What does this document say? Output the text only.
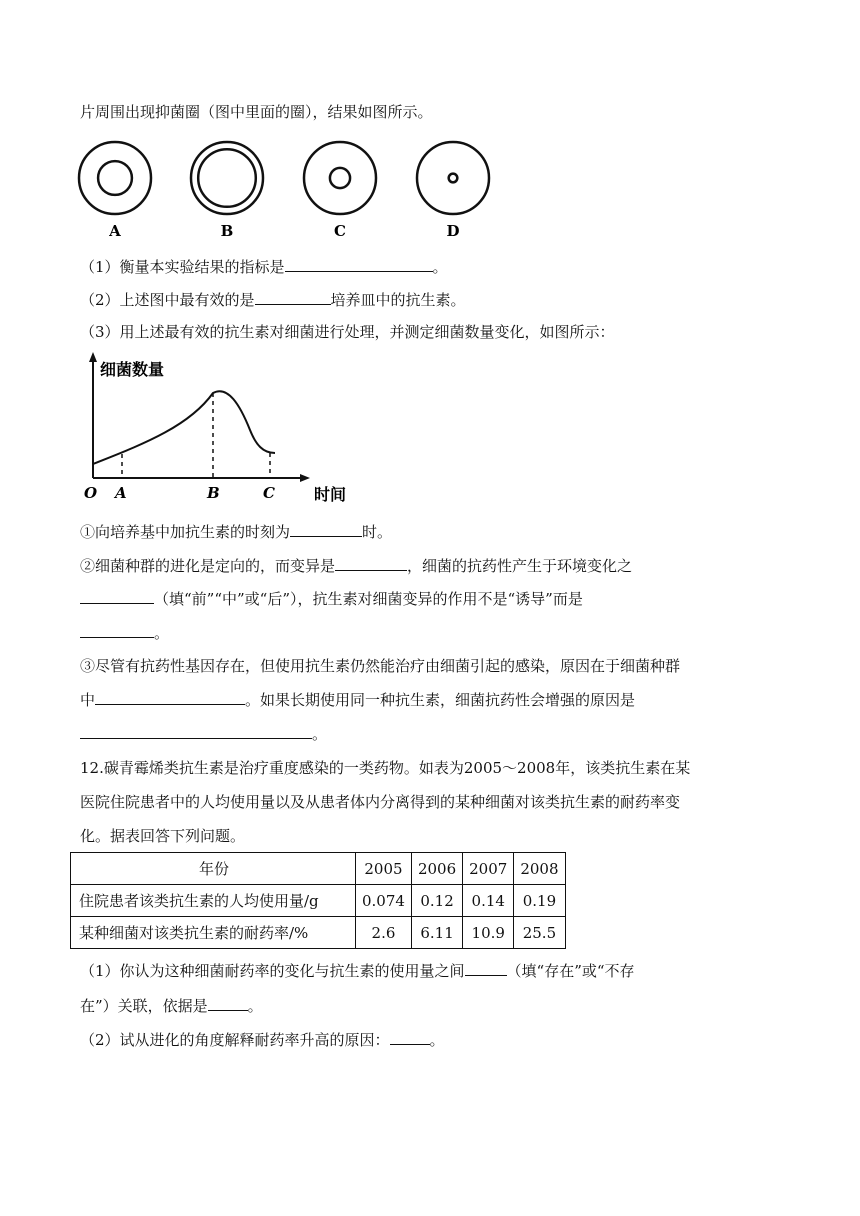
片周围出现抑菌圈（图中里面的圈），结果如图所示。
A	B	C	D
（1）衡量本实验结果的指标是	。
（2）上述图中最有效的是	培养皿中的抗生素。
（3）用上述最有效的抗生素对细菌进行处理，并测定细菌数量变化，如图所示：
细菌数量
时间
O A	B	C
①向培养基中加抗生素的时刻为	时。
②细菌种群的进化是定向的，而变异是	，细菌的抗药性产生于环境变化之
（填“前”“中”或“后”），抗生素对细菌变异的作用不是“诱导”而是
。
③尽管有抗药性基因存在，但使用抗生素仍然能治疗由细菌引起的感染，原因在于细菌种群
中	。如果长期使用同一种抗生素，细菌抗药性会增强的原因是
。
12.碳青霉烯类抗生素是治疗重度感染的一类药物。如表为2005～2008年，该类抗生素在某
医院住院患者中的人均使用量以及从患者体内分离得到的某种细菌对该类抗生素的耐药率变
化。据表回答下列问题。
年份	2005	2006	2007	2008
住院患者该类抗生素的人均使用量/g	0.074	0.12	0.14	0.19
某种细菌对该类抗生素的耐药率/%	2.6	6.11	10.9	25.5
（1）你认为这种细菌耐药率的变化与抗生素的使用量之间	（填“存在”或“不存
在”）关联，依据是	。
（2）试从进化的角度解释耐药率升高的原因：	。
